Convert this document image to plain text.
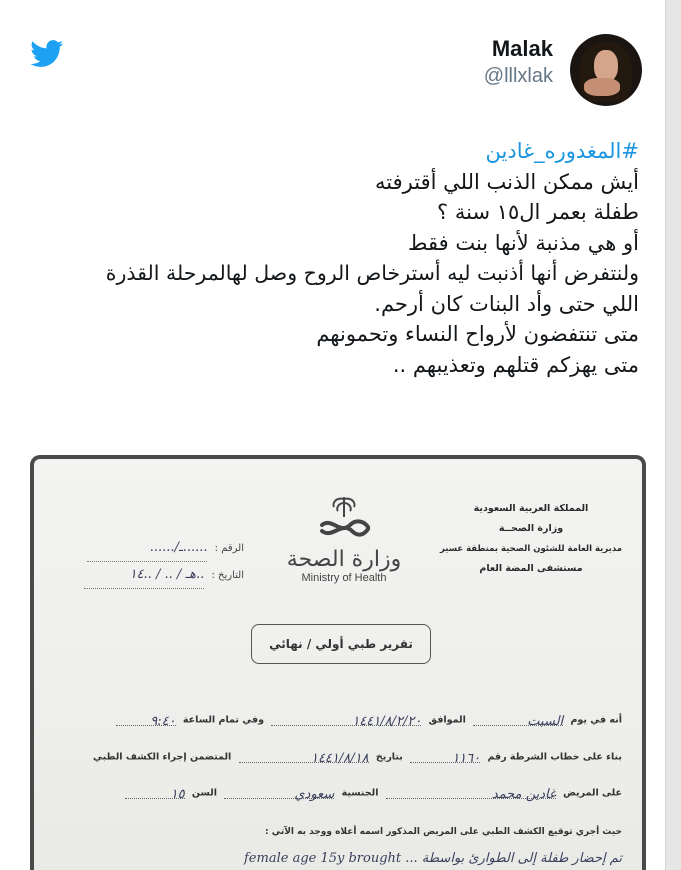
Malak
@lllxlak
#المغدوره_غادين
أيش ممكن الذنب اللي أقترفته
طفلة بعمر ال١٥ سنة ؟
أو هي مذنبة لأنها بنت فقط
ولنتفرض أنها أذنبت ليه أسترخاص الروح وصل لهالمرحلة القذرة
اللي حتى وأد البنات كان أرحم.
متى تنتفضون لأرواح النساء وتحمونهم
متى يهزكم قتلهم وتعذيبهم ..
المملكة العربية السعودية
وزارة الصحــة
مديرية العامة للشئون الصحية بمنطقة عسير
مستشفى المضة العام
وزارة الصحة
Ministry of Health
الرقم : ......ـ/......
التاريخ : ..هـ / .. / ..١٤
تقرير طبي أولي / نهائي
أنه في يوم السبت الموافق ١٤٤١/٨/٢/٢٠ وفي تمام الساعة ٩:٤٠
بناء على خطاب الشرطة رقم ١١٦٠ بتاريخ ١٤٤١/٨/١٨ المتضمن إجراء الكشف الطبي
على المريض غادين محمد الجنسية سعودي السن ١٥
حيث أجري توقيع الكشف الطبي على المريض المذكور اسمه أعلاه ووجد به الآتي :
تم إحضار طفلة إلى الطوارئ بواسطة ... female age 15y brought
